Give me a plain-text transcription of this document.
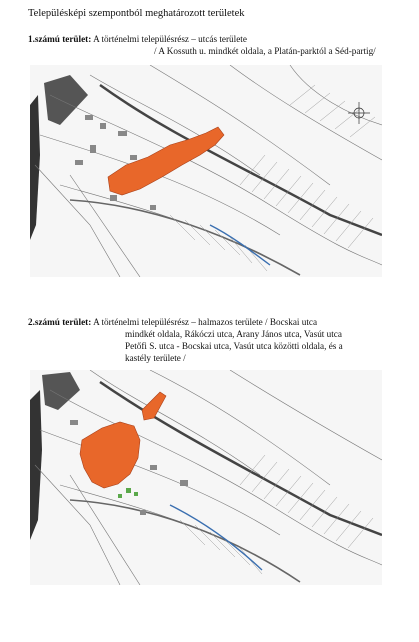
Településképi szempontból meghatározott területek
1.számú terület: A történelmi településrész – utcás területe
/ A Kossuth u. mindkét oldala, a Platán-parktól a Séd-partig/
2.számú terület: A történelmi településrész – halmazos területe / Bocskai utca
mindkét oldala, Rákóczi utca, Arany János utca, Vasút utca
Petőfi S. utca - Bocskai utca, Vasút utca közötti oldala, és a
kastély területe /
